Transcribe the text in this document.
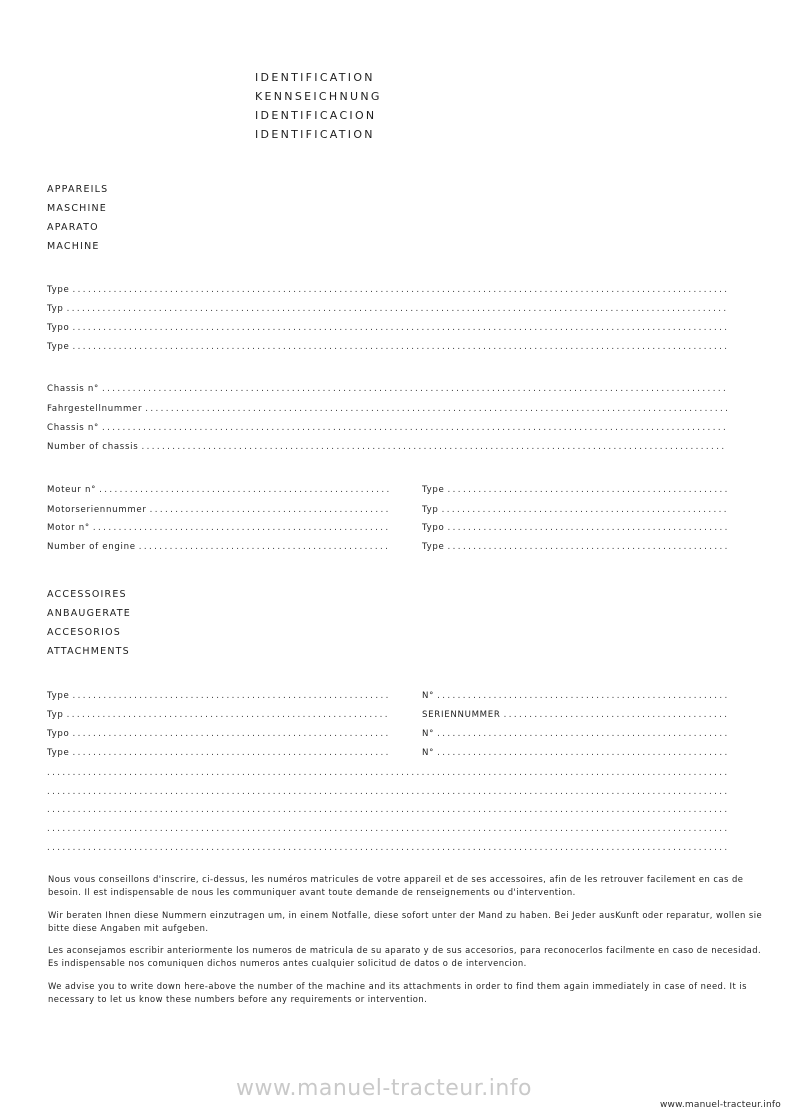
IDENTIFICATION
KENNSEICHNUNG
IDENTIFICACION
IDENTIFICATION
APPAREILS
MASCHINE
APARATO
MACHINE
Type
.....
Typ
.....
Typo
.....
Type
.....
Chassis n°
.....
Fahrgestellnummer
.....
Chassis n°
.....
Number of chassis
.....
Moteur n°
.....
Motorseriennummer
.....
Motor n°
.....
Number of engine
.....
Type
.....
Typ
.....
Typo
.....
Type
.....
ACCESSOIRES
ANBAUGERATE
ACCESORIOS
ATTACHMENTS
Type
.....
Typ
.....
Typo
.....
Type
.....
N°
.....
SERIENNUMMER
.....
N°
.....
N°
.....
.....
.....
.....
.....
.....

Nous vous conseillons d'inscrire, ci-dessus, les numéros matricules de votre appareil et de ses accessoires, afin de les retrouver facilement en cas de besoin. Il est indispensable de nous les communiquer avant toute demande de renseignements ou d'intervention.

Wir beraten Ihnen diese Nummern einzutragen um, in einem Notfalle, diese sofort unter der Mand zu haben. Bei Jeder ausKunft oder reparatur, wollen sie bitte diese Angaben mit aufgeben.

Les aconsejamos escribir anteriormente los numeros de matricula de su aparato y de sus accesorios, para reconocerlos facilmente en caso de necesidad. Es indispensable nos comuniquen dichos numeros antes cualquier solicitud de datos o de intervencion.

We advise you to write down here-above the number of the machine and its attachments in order to find them again immediately in case of need. It is necessary to let us know these numbers before any requirements or intervention.

www.manuel-tracteur.info
www.manuel-tracteur.info
